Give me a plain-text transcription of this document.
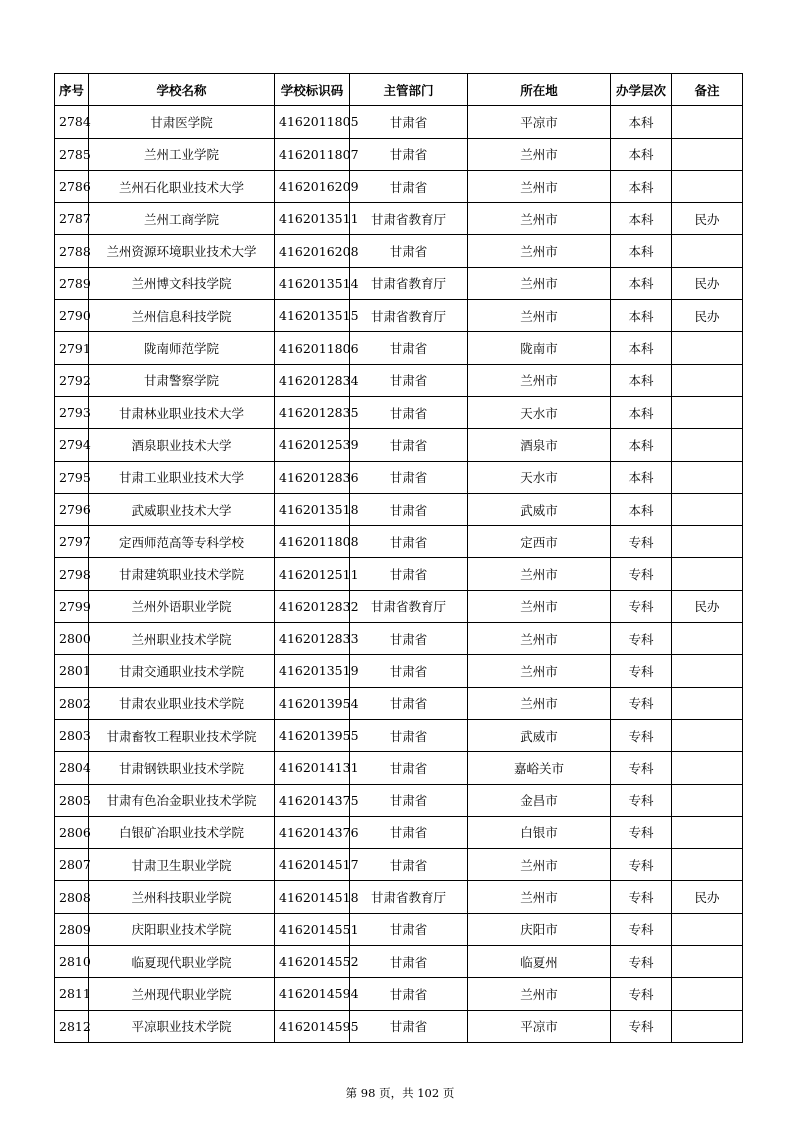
序号	学校名称	学校标识码	主管部门	所在地	办学层次	备注
2784	甘肃医学院	4162011805	甘肃省	平凉市	本科	
2785	兰州工业学院	4162011807	甘肃省	兰州市	本科	
2786	兰州石化职业技术大学	4162016209	甘肃省	兰州市	本科	
2787	兰州工商学院	4162013511	甘肃省教育厅	兰州市	本科	民办
2788	兰州资源环境职业技术大学	4162016208	甘肃省	兰州市	本科	
2789	兰州博文科技学院	4162013514	甘肃省教育厅	兰州市	本科	民办
2790	兰州信息科技学院	4162013515	甘肃省教育厅	兰州市	本科	民办
2791	陇南师范学院	4162011806	甘肃省	陇南市	本科	
2792	甘肃警察学院	4162012834	甘肃省	兰州市	本科	
2793	甘肃林业职业技术大学	4162012835	甘肃省	天水市	本科	
2794	酒泉职业技术大学	4162012539	甘肃省	酒泉市	本科	
2795	甘肃工业职业技术大学	4162012836	甘肃省	天水市	本科	
2796	武威职业技术大学	4162013518	甘肃省	武威市	本科	
2797	定西师范高等专科学校	4162011808	甘肃省	定西市	专科	
2798	甘肃建筑职业技术学院	4162012511	甘肃省	兰州市	专科	
2799	兰州外语职业学院	4162012832	甘肃省教育厅	兰州市	专科	民办
2800	兰州职业技术学院	4162012833	甘肃省	兰州市	专科	
2801	甘肃交通职业技术学院	4162013519	甘肃省	兰州市	专科	
2802	甘肃农业职业技术学院	4162013954	甘肃省	兰州市	专科	
2803	甘肃畜牧工程职业技术学院	4162013955	甘肃省	武威市	专科	
2804	甘肃钢铁职业技术学院	4162014131	甘肃省	嘉峪关市	专科	
2805	甘肃有色冶金职业技术学院	4162014375	甘肃省	金昌市	专科	
2806	白银矿冶职业技术学院	4162014376	甘肃省	白银市	专科	
2807	甘肃卫生职业学院	4162014517	甘肃省	兰州市	专科	
2808	兰州科技职业学院	4162014518	甘肃省教育厅	兰州市	专科	民办
2809	庆阳职业技术学院	4162014551	甘肃省	庆阳市	专科	
2810	临夏现代职业学院	4162014552	甘肃省	临夏州	专科	
2811	兰州现代职业学院	4162014594	甘肃省	兰州市	专科	
2812	平凉职业技术学院	4162014595	甘肃省	平凉市	专科	
第 98 页，共 102 页
